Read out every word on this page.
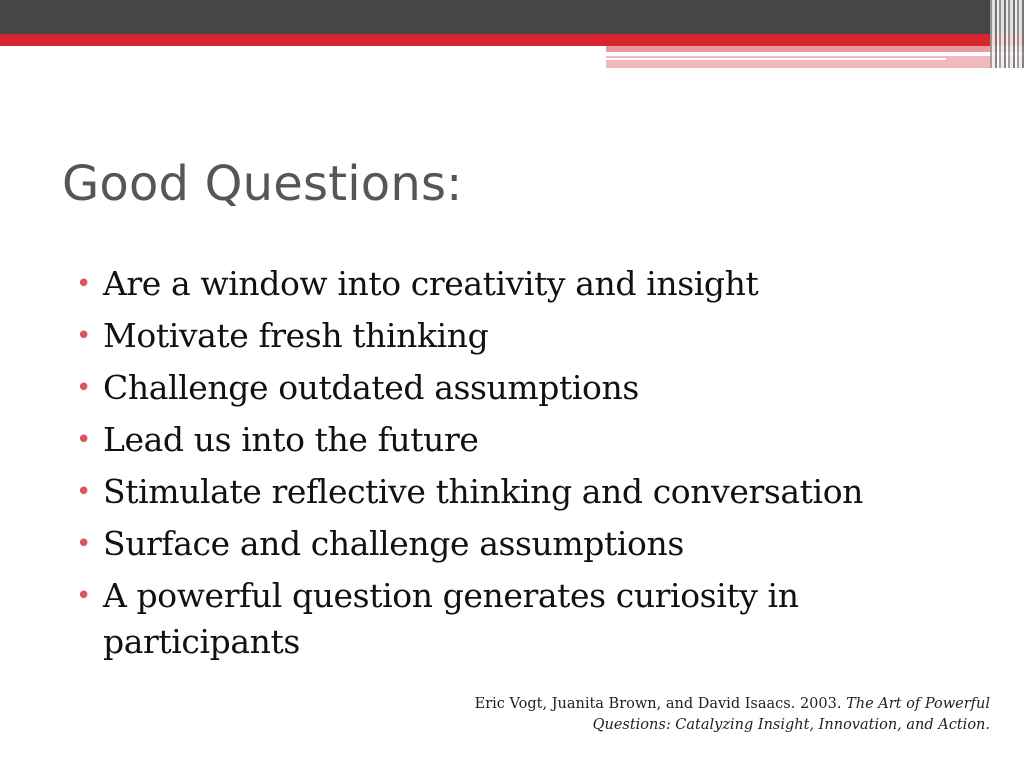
Good Questions:
• Are a window into creativity and insight
• Motivate fresh thinking
• Challenge outdated assumptions
• Lead us into the future
• Stimulate reflective thinking and conversation
• Surface and challenge assumptions
• A powerful question generates curiosity in participants
Eric Vogt, Juanita Brown, and David Isaacs. 2003. The Art of Powerful Questions: Catalyzing Insight, Innovation, and Action.
